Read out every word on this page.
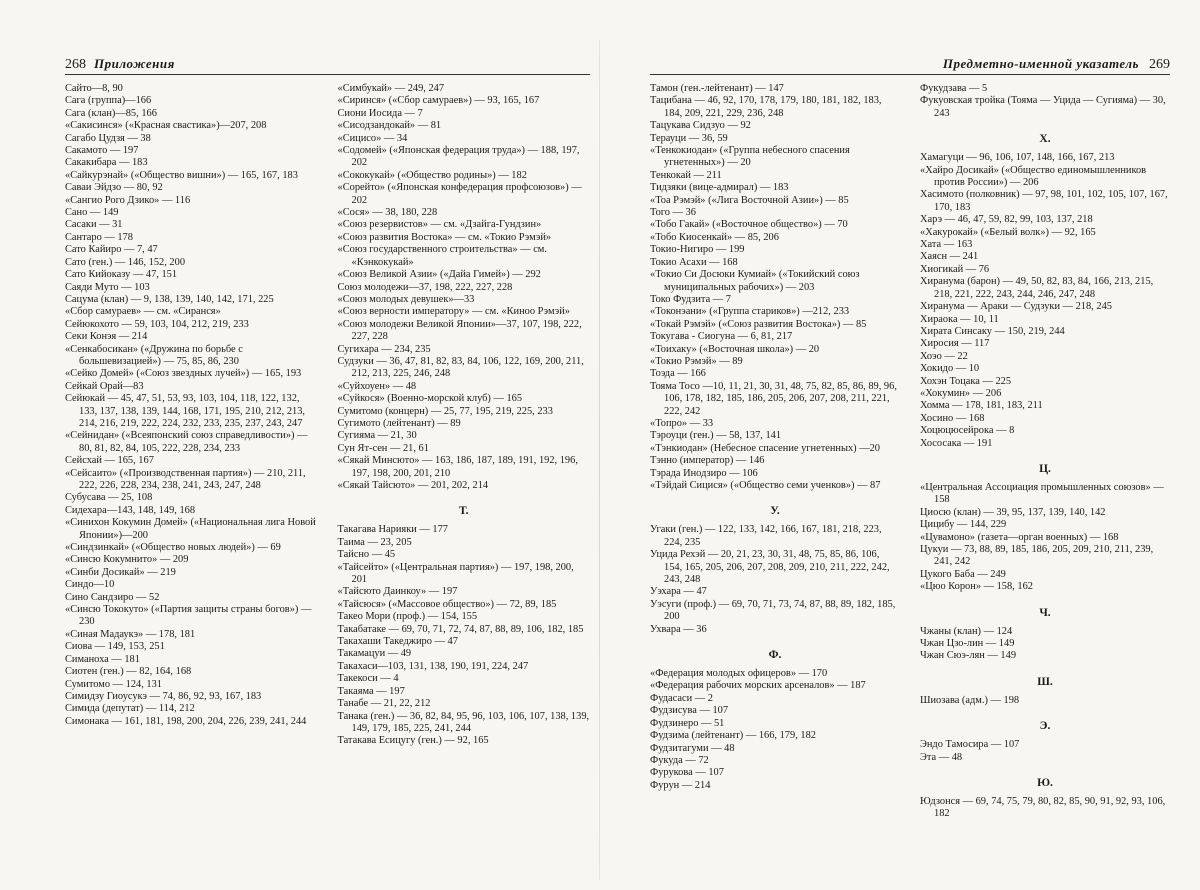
268 Приложения
Сайто—8, 90
Сага (группа)—166
Сага (клан)—85, 166
«Сакисинся» («Красная свастика»)—207, 208
Сагабо Цудзя — 38
Сакамото — 197
Сакакибара — 183
«Сайкурэнай» («Общество вишни») — 165, 167, 183
Саваи Эйдзо — 80, 92
«Сангио Рого Дзико» — 116
Сано — 149
Сасаки — 31
Сантаро — 178
Сато Кайиро — 7, 47
Сато (ген.) — 146, 152, 200
Сато Кийоказу — 47, 151
Саяди Муто — 103
Сацума (клан) — 9, 138, 139, 140, 142, 171, 225
«Сбор самураев» — см. «Сиранся»
Сейюкохото — 59, 103, 104, 212, 219, 233
Секи Конэя — 214
«Сенкабосикан» («Дружина по борьбе с большевизацией») — 75, 85, 86, 230
«Сейко Домей» («Союз звездных лучей») — 165, 193
Сейкай Орай—83
Сейюкай — 45, 47, 51, 53, 93, 103, 104, 118, 122, 132, 133, 137, 138, 139, 144, 168, 171, 195, 210, 212, 213, 214, 216, 219, 222, 224, 232, 233, 235, 237, 243, 247
«Сейнидан» («Всеяпонский союз справедливости») — 80, 81, 82, 84, 105, 222, 228, 234, 233
Сейсхай — 165, 167
«Сейсаито» («Производственная партия») — 210, 211, 222, 226, 228, 234, 238, 241, 243, 247, 248
Субусава — 25, 108
Сидехара—143, 148, 149, 168
«Синихон Кокумин Домей» («Национальная лига Новой Японии»)—200
«Синдзинкай» («Общество новых людей») — 69
«Синсю Кокумнито» — 209
«Синби Досикай» — 219
Синдо—10
Сино Сандзиро — 52
«Синсю Тококуто» («Партия защиты страны богов») — 230
«Синая Мадаукэ» — 178, 181
Сиова — 149, 153, 251
Симаноха — 181
Сиотен (ген.) — 82, 164, 168
Сумитомо — 124, 131
Симидзу Гиоусукэ — 74, 86, 92, 93, 167, 183
Симида (депутат) — 114, 212
Симонака — 161, 181, 198, 200, 204, 226, 239, 241, 244
«Симбукай» — 249, 247
«Сиринся» («Сбор самураев») — 93, 165, 167
Сиони Иосида — 7
«Сисодзандокай» — 81
«Сицисо» — 34
«Содомей» («Японская федерация труда») — 188, 197, 202
«Сококукай» («Общество родины») — 182
«Сорейто» («Японская конфедерация профсоюзов») — 202
«Сося» — 38, 180, 228
«Союз резервистов» — см. «Дзайга-Гундзин»
«Союз развития Востока» — см. «Токио Рэмэй»
«Союз государственного строительства» — см. «Кэнкокукай»
«Союз Великой Азии» («Дайа Гимей») — 292
Союз молодежи—37, 198, 222, 227, 228
«Союз молодых девушек»—33
«Союз верности императору» — см. «Киноо Рэмэй»
«Союз молодежи Великой Японии»—37, 107, 198, 222, 227, 228
Сугихара — 234, 235
Судзуки — 36, 47, 81, 82, 83, 84, 106, 122, 169, 200, 211, 212, 213, 225, 246, 248
«Суйхоуен» — 48
«Суйкося» (Военно-морской клуб) — 165
Сумитомо (концерн) — 25, 77, 195, 219, 225, 233
Сугимото (лейтенант) — 89
Сугияма — 21, 30
Сун Ят-сен — 21, 61
«Сякай Минсюто» — 163, 186, 187, 189, 191, 192, 196, 197, 198, 200, 201, 210
«Сякай Тайсюто» — 201, 202, 214
Т.
Такагава Нарияки — 177
Таима — 23, 205
Тайсно — 45
«Тайсейто» («Центральная партия») — 197, 198, 200, 201
«Тайсюто Даинкоу» — 197
«Тайсюся» («Массовое общество») — 72, 89, 185
Такео Мори (проф.) — 154, 155
Такабатаке — 69, 70, 71, 72, 74, 87, 88, 89, 106, 182, 185
Такахаши Такеджиро — 47
Такамацуи — 49
Такахаси—103, 131, 138, 190, 191, 224, 247
Такекоси — 4
Такаяма — 197
Танабе — 21, 22, 212
Танака (ген.) — 36, 82, 84, 95, 96, 103, 106, 107, 138, 139, 149, 179, 185, 225, 241, 244
Татакава Есицугу (ген.) — 92, 165
Предметно-именной указатель 269
Тамон (ген.-лейтенант) — 147
Тацибана — 46, 92, 170, 178, 179, 180, 181, 182, 183, 184, 209, 221, 229, 236, 248
Тацукава Сидзуо — 92
Терауци — 36, 59
«Тенкокиодан» («Группа небесного спасения угнетенных») — 20
Тенкокай — 211
Тидзяки (вице-адмирал) — 183
«Тоа Рэмэй» («Лига Восточной Азии») — 85
Того — 36
«Тобо Гакай» («Восточное общество») — 70
«Тобо Киосенкай» — 85, 206
Токио-Нигиро — 199
Токио Асахи — 168
«Токио Си Досюки Кумиай» («Токийский союз муниципальных рабочих») — 203
Токо Фудзита — 7
«Токонэани» («Группа стариков») —212, 233
«Токай Рэмэй» («Союз развития Востока») — 85
Токугава - Сиогуна — 6, 81, 217
«Тоихаку» («Восточная школа») — 20
«Токио Рэмэй» — 89
Тоэда — 166
Тояма Тосо —10, 11, 21, 30, 31, 48, 75, 82, 85, 86, 89, 96, 106, 178, 182, 185, 186, 205, 206, 207, 208, 211, 221, 222, 242
«Топро» — 33
Тэроуци (ген.) — 58, 137, 141
«Тэнкиодан» (Небесное спасение угнетенных) —20
Тэнно (император) — 146
Тэрада Инодзиро — 106
«Тэйдай Сицися» («Общество семи ученков») — 87
У.
Угаки (ген.) — 122, 133, 142, 166, 167, 181, 218, 223, 224, 235
Уцида Рехэй — 20, 21, 23, 30, 31, 48, 75, 85, 86, 106, 154, 165, 205, 206, 207, 208, 209, 210, 211, 222, 242, 243, 248
Уэхара — 47
Уэсуги (проф.) — 69, 70, 71, 73, 74, 87, 88, 89, 182, 185, 200
Ухвара — 36
Ф.
«Федерация молодых офицеров» — 170
«Федерация рабочих морских арсеналов» — 187
Фудасаси — 2
Фудзисува — 107
Фудзинеро — 51
Фудзима (лейтенант) — 166, 179, 182
Фудзитагуми — 48
Фукуда — 72
Фурукова — 107
Фурун — 214
Фукудзава — 5
Фукуовская тройка (Тояма — Уцида — Сугияма) — 30, 243
Х.
Хамагуци — 96, 106, 107, 148, 166, 167, 213
«Хайро Досикай» («Общество единомышленников против России») — 206
Хасимото (полковник) — 97, 98, 101, 102, 105, 107, 167, 170, 183
Харэ — 46, 47, 59, 82, 99, 103, 137, 218
«Хакурокай» («Белый волк») — 92, 165
Хата — 163
Хаясн — 241
Хиогикай — 76
Хиранума (барон) — 49, 50, 82, 83, 84, 166, 213, 215, 218, 221, 222, 243, 244, 246, 247, 248
Хиранума — Араки — Судзуки — 218, 245
Хираока — 10, 11
Хирата Синсаку — 150, 219, 244
Хиросия — 117
Хоэо — 22
Хокидо — 10
Хохэн Тоцака — 225
«Хокумин» — 206
Хомма — 178, 181, 183, 211
Хосино — 168
Хоцюцюсейрока — 8
Хососака — 191
Ц.
«Центральная Ассоциация промышленных союзов» — 158
Циосю (клан) — 39, 95, 137, 139, 140, 142
Цицибу — 144, 229
«Цувамоно» (газета—орган военных) — 168
Цукуи — 73, 88, 89, 185, 186, 205, 209, 210, 211, 239, 241, 242
Цукого Баба — 249
«Цюо Корон» — 158, 162
Ч.
Чжаны (клан) — 124
Чжан Цзо-лин — 149
Чжан Сюэ-лян — 149
Ш.
Шиозава (адм.) — 198
Э.
Эндо Тамосира — 107
Эта — 48
Ю.
Юдзонся — 69, 74, 75, 79, 80, 82, 85, 90, 91, 92, 93, 106, 182
